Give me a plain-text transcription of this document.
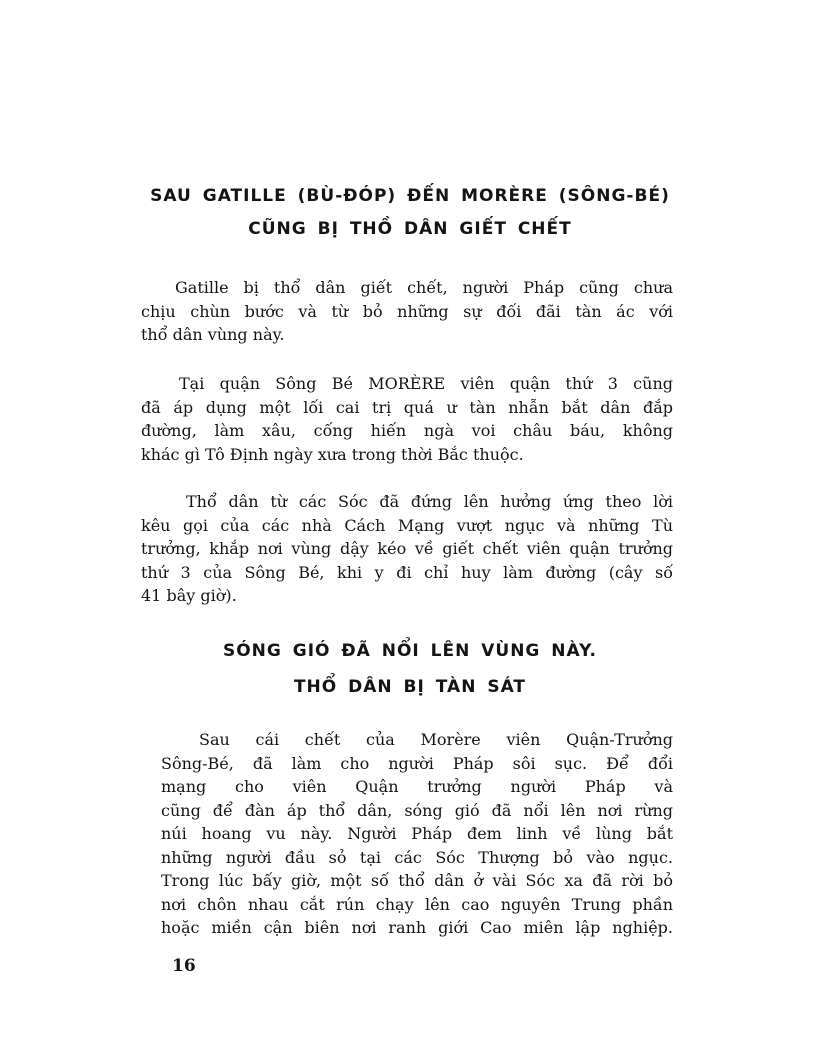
SAU GATILLE (BÙ-ĐÓP) ĐẾN MORÈRE (SÔNG-BÉ)
CŨNG BỊ THỒ DÂN GIẾT CHẾT

Gatille bị thổ dân giết chết, người Pháp cũng chưa
chịu chùn bước và từ bỏ những sự đối đãi tàn ác với
thổ dân vùng này.

Tại quận Sông Bé MORÈRE viên quận thứ 3 cũng
đã áp dụng một lối cai trị quá ư tàn nhẫn bắt dân đắp
đường, làm xâu, cống hiến ngà voi châu báu, không
khác gì Tô Định ngày xưa trong thời Bắc thuộc.

Thổ dân từ các Sóc đã đứng lên hưởng ứng theo lời
kêu gọi của các nhà Cách Mạng vượt ngục và những Tù
trưởng, khắp nơi vùng dậy kéo về giết chết viên quận trưởng
thứ 3 của Sông Bé, khi y đi chỉ huy làm đường (cây số
41 bây giờ).

SÓNG GIÓ ĐÃ NỔI LÊN VÙNG NÀY.
THỔ DÂN BỊ TÀN SÁT

Sau cái chết của Morère viên Quận-Trưởng
Sông-Bé, đã làm cho người Pháp sôi sục. Để đổi
mạng cho viên Quận trưởng người Pháp và
cũng để đàn áp thổ dân, sóng gió đã nổi lên nơi rừng
núi hoang vu này. Người Pháp đem linh về lùng bắt
những người đầu sỏ tại các Sóc Thượng bỏ vào ngục.
Trong lúc bấy giờ, một số thổ dân ở vài Sóc xa đã rời bỏ
nơi chôn nhau cắt rún chạy lên cao nguyên Trung phần
hoặc miền cận biên nơi ranh giới Cao miên lập nghiệp.

16
